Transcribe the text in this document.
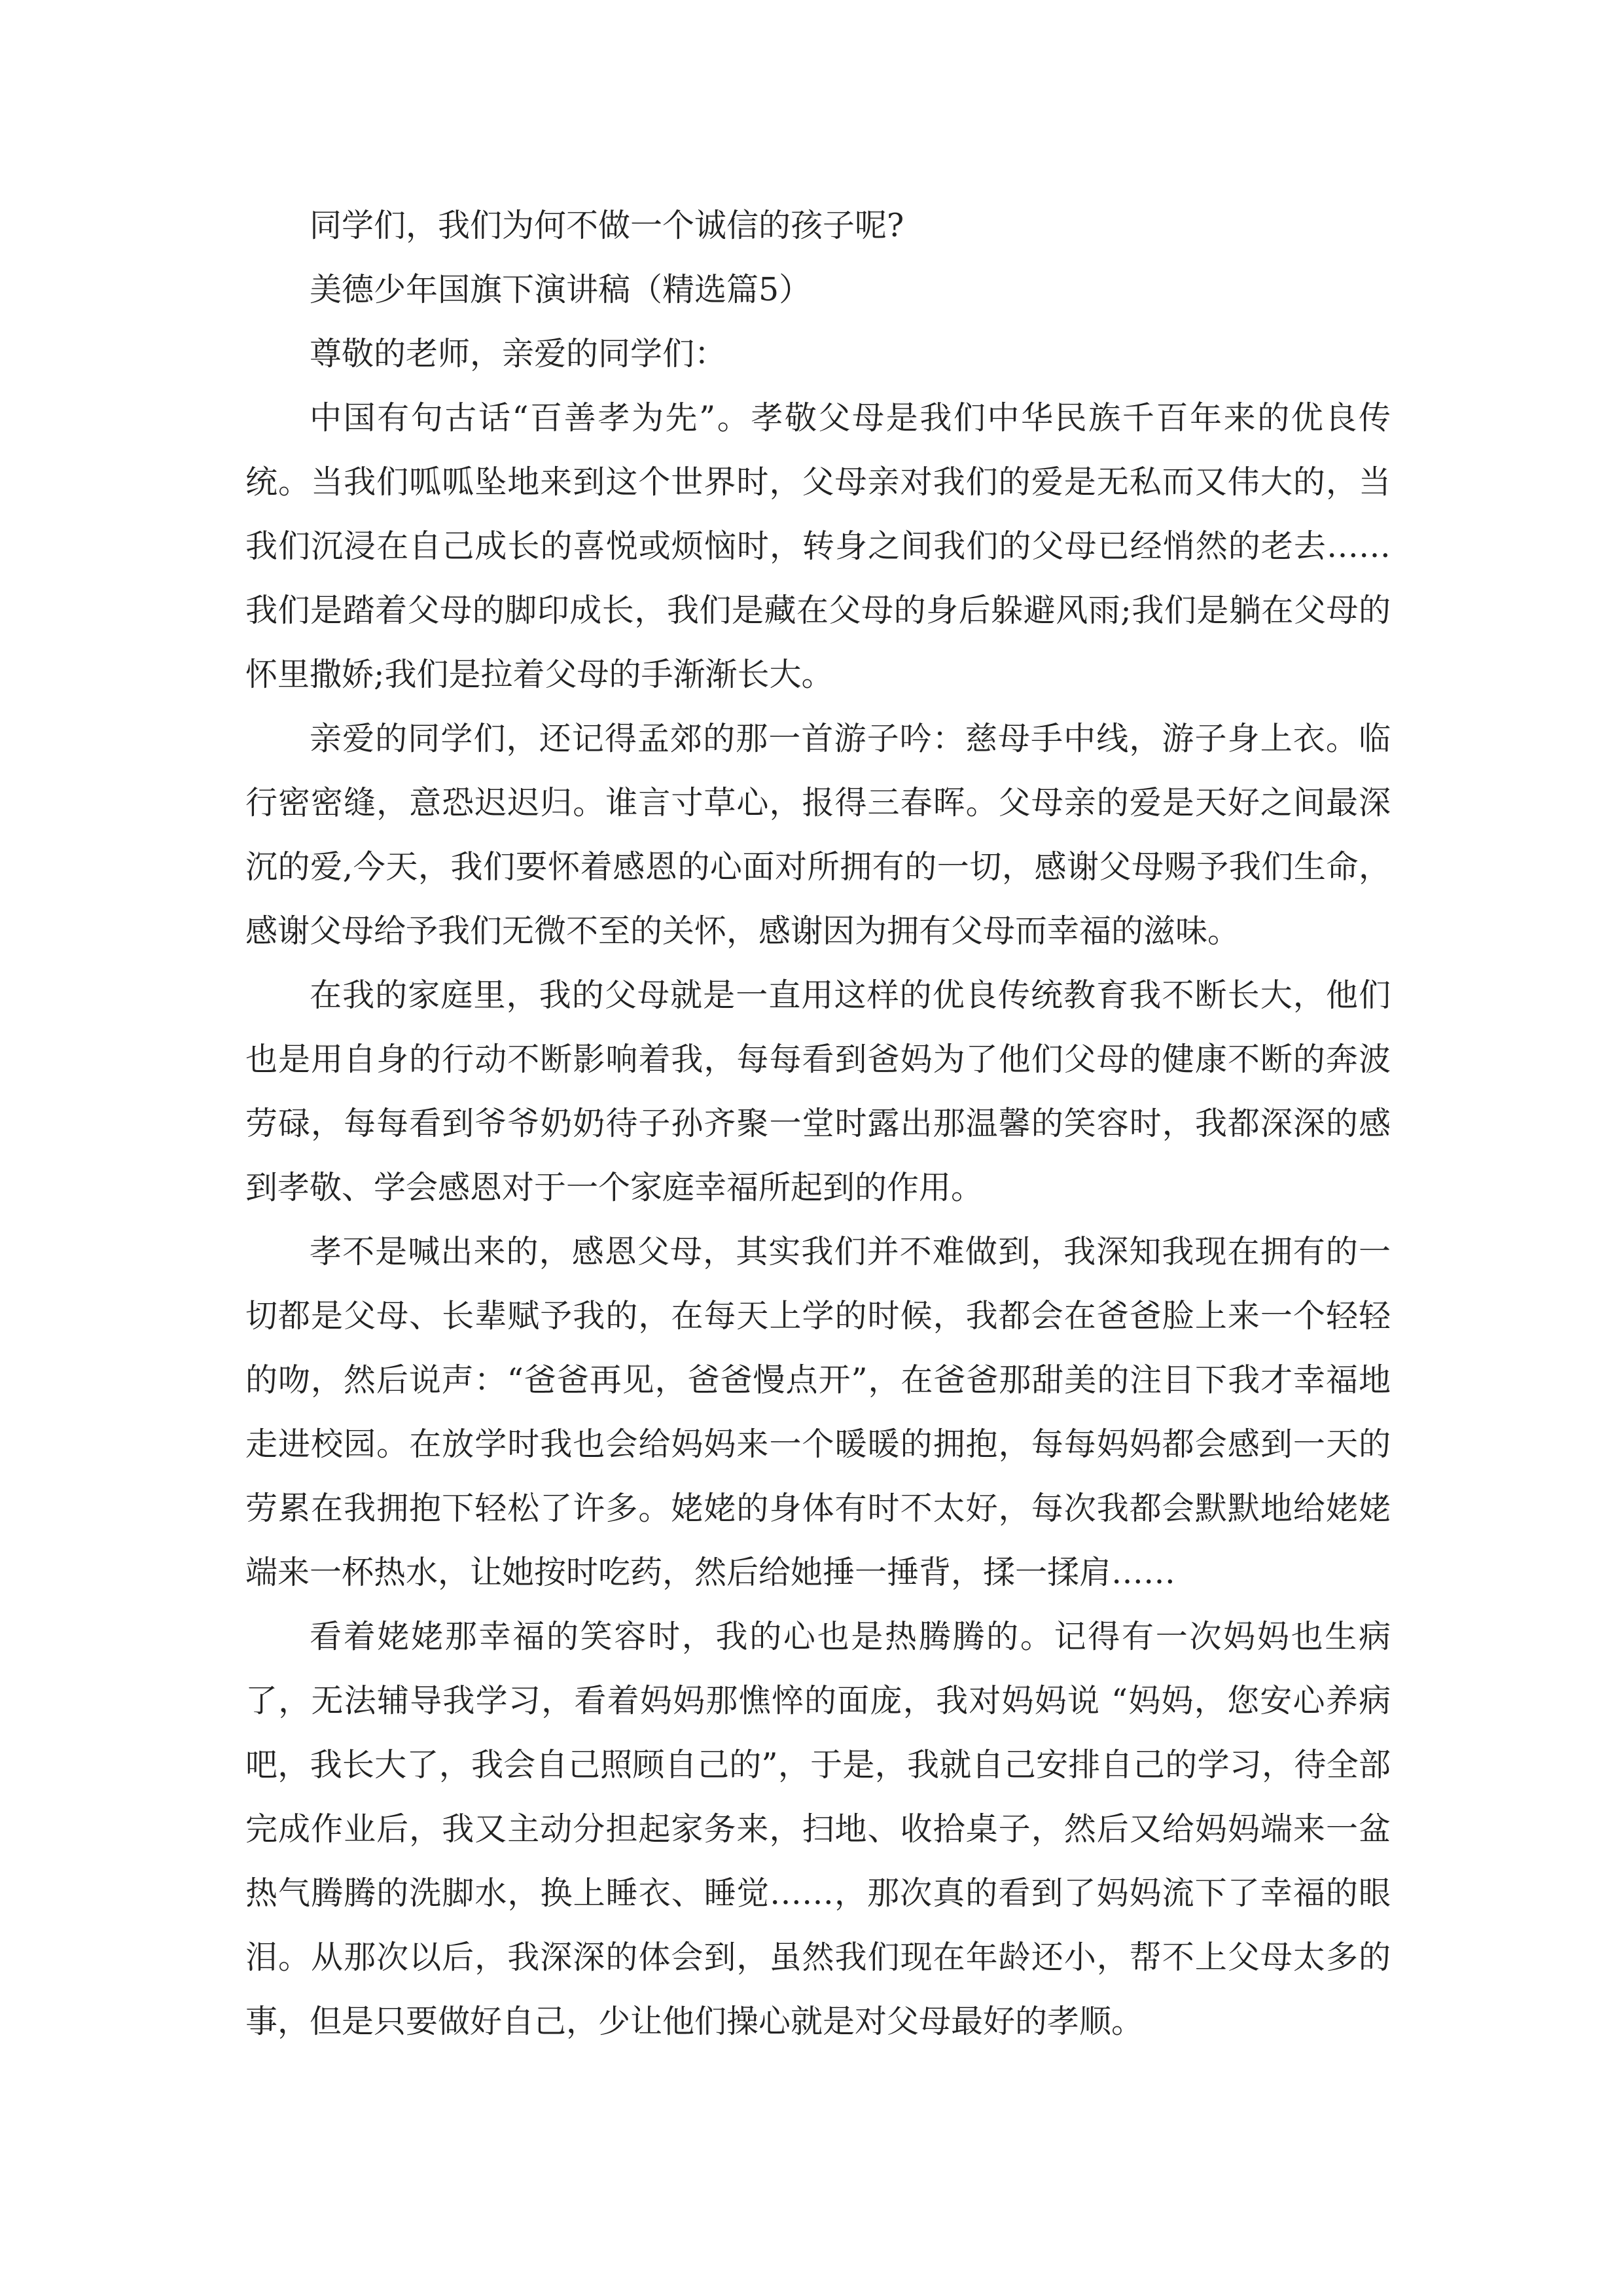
同学们，我们为何不做一个诚信的孩子呢?

美德少年国旗下演讲稿（精选篇5）

尊敬的老师，亲爱的同学们：

中国有句古话“百善孝为先”。孝敬父母是我们中华民族千百年来的优良传统。当我们呱呱坠地来到这个世界时，父母亲对我们的爱是无私而又伟大的，当我们沉浸在自己成长的喜悦或烦恼时，转身之间我们的父母已经悄然的老去……我们是踏着父母的脚印成长，我们是藏在父母的身后躲避风雨;我们是躺在父母的怀里撒娇;我们是拉着父母的手渐渐长大。

亲爱的同学们，还记得孟郊的那一首游子吟：慈母手中线，游子身上衣。临行密密缝，意恐迟迟归。谁言寸草心，报得三春晖。父母亲的爱是天好之间最深沉的爱,今天，我们要怀着感恩的心面对所拥有的一切，感谢父母赐予我们生命，感谢父母给予我们无微不至的关怀，感谢因为拥有父母而幸福的滋味。

在我的家庭里，我的父母就是一直用这样的优良传统教育我不断长大，他们也是用自身的行动不断影响着我，每每看到爸妈为了他们父母的健康不断的奔波劳碌，每每看到爷爷奶奶待子孙齐聚一堂时露出那温馨的笑容时，我都深深的感到孝敬、学会感恩对于一个家庭幸福所起到的作用。

孝不是喊出来的，感恩父母，其实我们并不难做到，我深知我现在拥有的一切都是父母、长辈赋予我的，在每天上学的时候，我都会在爸爸脸上来一个轻轻的吻，然后说声：“爸爸再见，爸爸慢点开”，在爸爸那甜美的注目下我才幸福地走进校园。在放学时我也会给妈妈来一个暖暖的拥抱，每每妈妈都会感到一天的劳累在我拥抱下轻松了许多。姥姥的身体有时不太好，每次我都会默默地给姥姥端来一杯热水，让她按时吃药，然后给她捶一捶背，揉一揉肩……

看着姥姥那幸福的笑容时，我的心也是热腾腾的。记得有一次妈妈也生病了，无法辅导我学习，看着妈妈那憔悴的面庞，我对妈妈说 “妈妈，您安心养病吧，我长大了，我会自己照顾自己的”，于是，我就自己安排自己的学习，待全部完成作业后，我又主动分担起家务来，扫地、收拾桌子，然后又给妈妈端来一盆热气腾腾的洗脚水，换上睡衣、睡觉……，那次真的看到了妈妈流下了幸福的眼泪。从那次以后，我深深的体会到，虽然我们现在年龄还小，帮不上父母太多的事，但是只要做好自己，少让他们操心就是对父母最好的孝顺。
